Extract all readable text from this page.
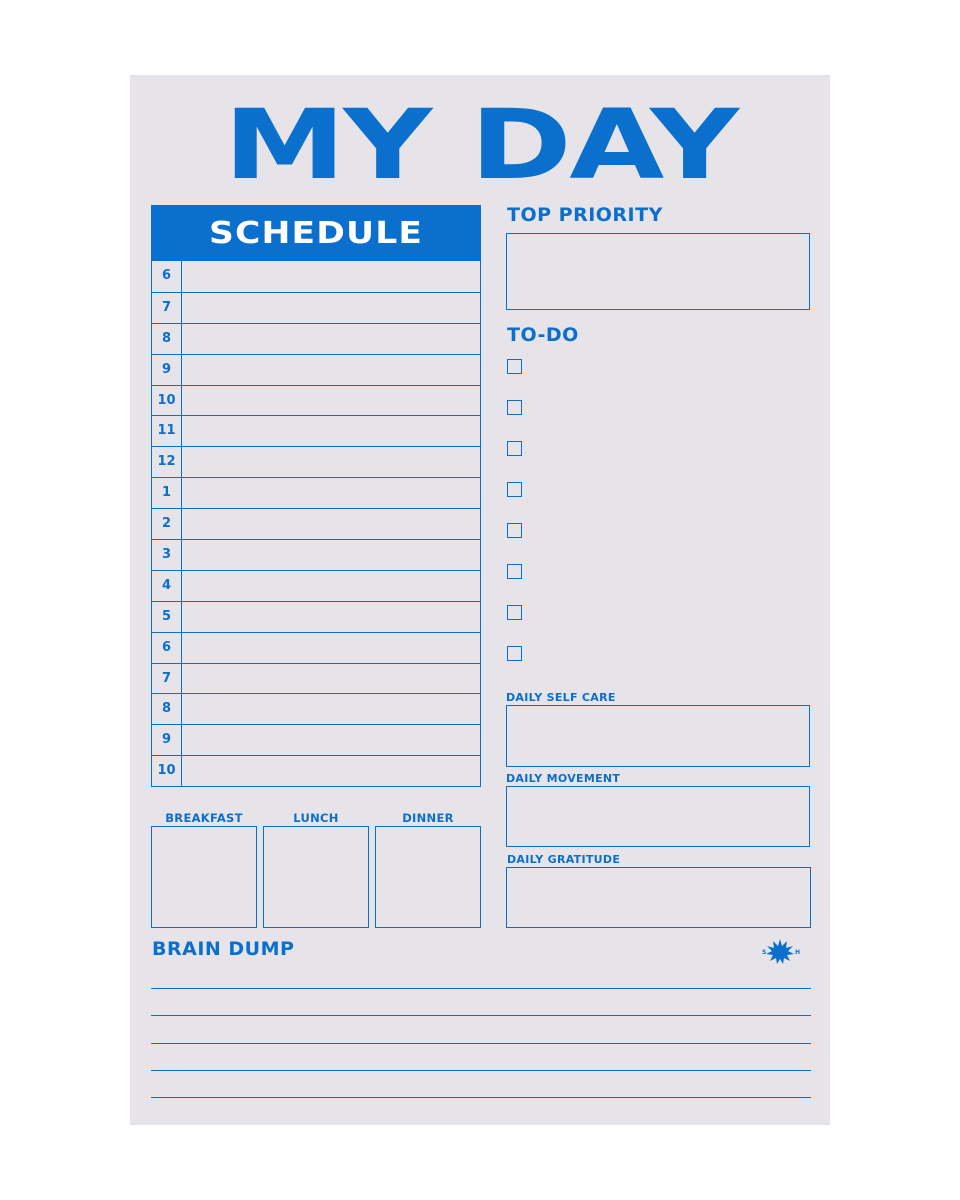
MY DAY
SCHEDULE
6
7
8
9
10
11
12
1
2
3
4
5
6
7
8
9
10
BREAKFAST	LUNCH	DINNER
TOP PRIORITY
TO-DO
DAILY SELF CARE
DAILY MOVEMENT
DAILY GRATITUDE
BRAIN DUMP	S	H
